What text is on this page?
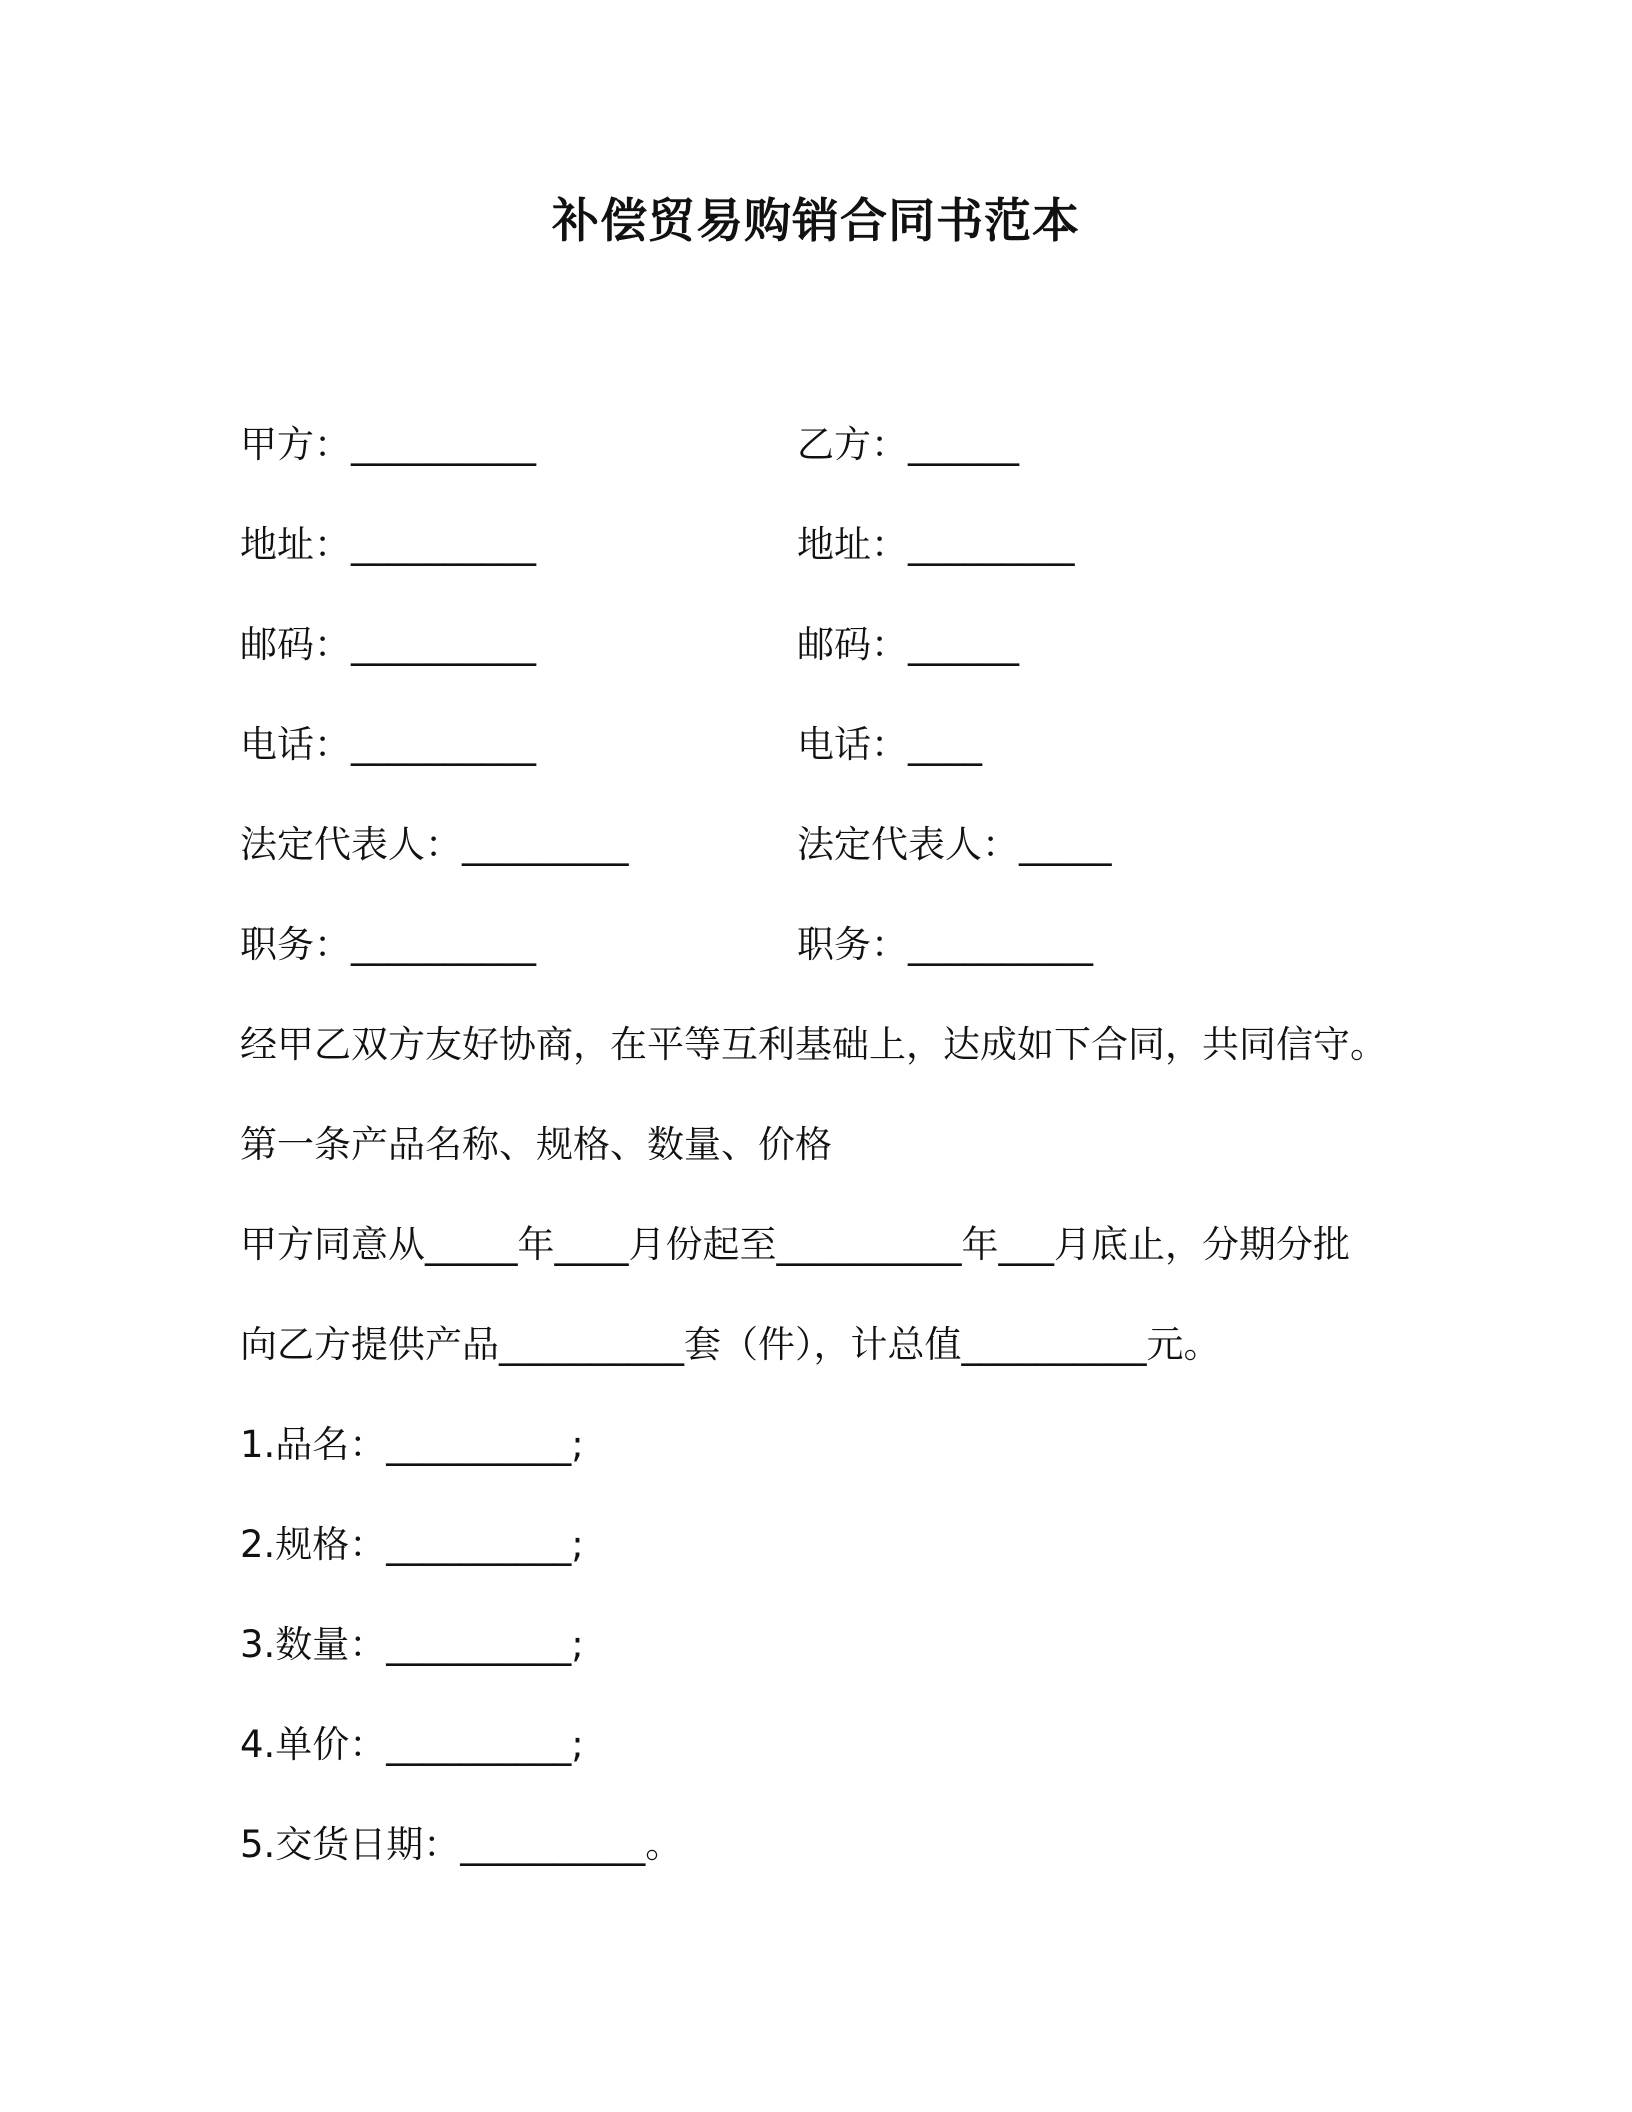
补偿贸易购销合同书范本
甲方：__________
地址：__________
邮码：__________
电话：__________
法定代表人：_________
职务：__________
乙方：______
地址：_________
邮码：______
电话：____
法定代表人：_____
职务：__________
经甲乙双方友好协商，在平等互利基础上，达成如下合同，共同信守。
第一条产品名称、规格、数量、价格
甲方同意从_____年____月份起至__________年___月底止，分期分批
向乙方提供产品__________套（件），计总值__________元。
1.品名：__________;
2.规格：__________;
3.数量：__________;
4.单价：__________;
5.交货日期：__________。
